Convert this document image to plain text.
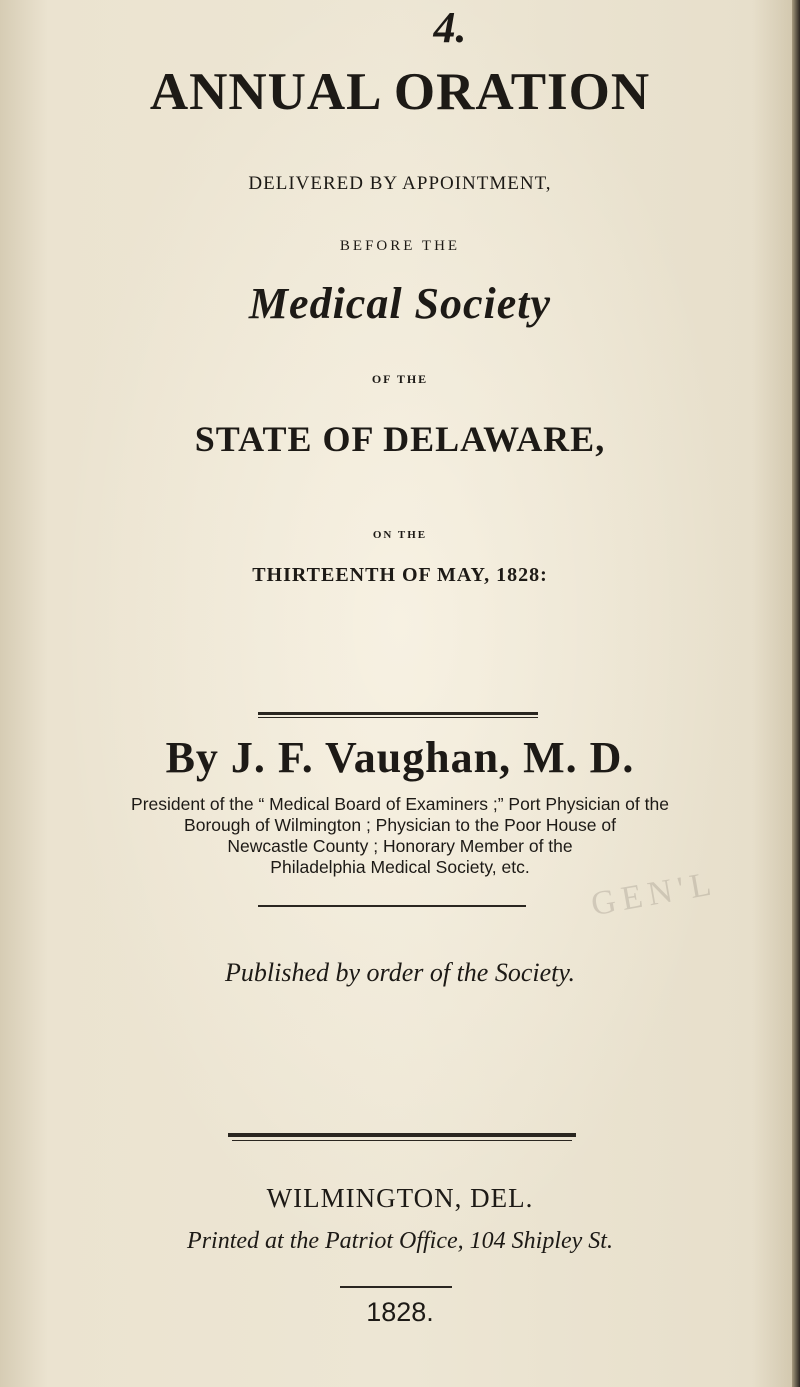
4.
ANNUAL ORATION
DELIVERED BY APPOINTMENT,
BEFORE THE
Medical Society
OF THE
STATE OF DELAWARE,
ON THE
THIRTEENTH OF MAY, 1828:
By J. F. Vaughan, M. D.
President of the “ Medical Board of Examiners ;” Port Physician of the
Borough of Wilmington ; Physician to the Poor House of
Newcastle County ; Honorary Member of the
Philadelphia Medical Society, etc.	GEN'L
Published by order of the Society.
WILMINGTON, DEL.
Printed at the Patriot Office, 104 Shipley St.
1828.
